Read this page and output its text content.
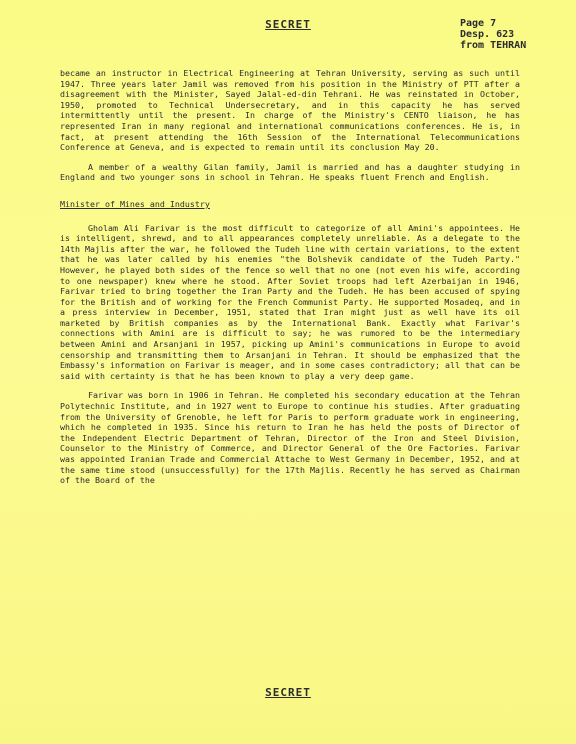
SECRET	Page 7
Desp. 623
from TEHRAN

became an instructor in Electrical Engineering at Tehran University, serving as such until 1947. Three years later Jamil was removed from his position in the Ministry of PTT after a disagreement with the Minister, Sayed Jalal-ed-din Tehrani. He was reinstated in October, 1950, promoted to Technical Undersecretary, and in this capacity he has served intermittently until the present. In charge of the Ministry's CENTO liaison, he has represented Iran in many regional and international communications conferences. He is, in fact, at present attending the 16th Session of the International Telecommunications Conference at Geneva, and is expected to remain until its conclusion May 20.

A member of a wealthy Gilan family, Jamil is married and has a daughter studying in England and two younger sons in school in Tehran. He speaks fluent French and English.

Minister of Mines and Industry

Gholam Ali Farivar is the most difficult to categorize of all Amini's appointees. He is intelligent, shrewd, and to all appearances completely unreliable. As a delegate to the 14th Majlis after the war, he followed the Tudeh line with certain variations, to the extent that he was later called by his enemies "the Bolshevik candidate of the Tudeh Party." However, he played both sides of the fence so well that no one (not even his wife, according to one newspaper) knew where he stood. After Soviet troops had left Azerbaijan in 1946, Farivar tried to bring together the Iran Party and the Tudeh. He has been accused of spying for the British and of working for the French Communist Party. He supported Mosadeq, and in a press interview in December, 1951, stated that Iran might just as well have its oil marketed by British companies as by the International Bank. Exactly what Farivar's connections with Amini are is difficult to say; he was rumored to be the intermediary between Amini and Arsanjani in 1957, picking up Amini's communications in Europe to avoid censorship and transmitting them to Arsanjani in Tehran. It should be emphasized that the Embassy's information on Farivar is meager, and in some cases contradictory; all that can be said with certainty is that he has been known to play a very deep game.

Farivar was born in 1906 in Tehran. He completed his secondary education at the Tehran Polytechnic Institute, and in 1927 went to Europe to continue his studies. After graduating from the University of Grenoble, he left for Paris to perform graduate work in engineering, which he completed in 1935. Since his return to Iran he has held the posts of Director of the Independent Electric Department of Tehran, Director of the Iron and Steel Division, Counselor to the Ministry of Commerce, and Director General of the Ore Factories. Farivar was appointed Iranian Trade and Commercial Attache to West Germany in December, 1952, and at the same time stood (unsuccessfully) for the 17th Majlis. Recently he has served as Chairman of the Board of the

SECRET
